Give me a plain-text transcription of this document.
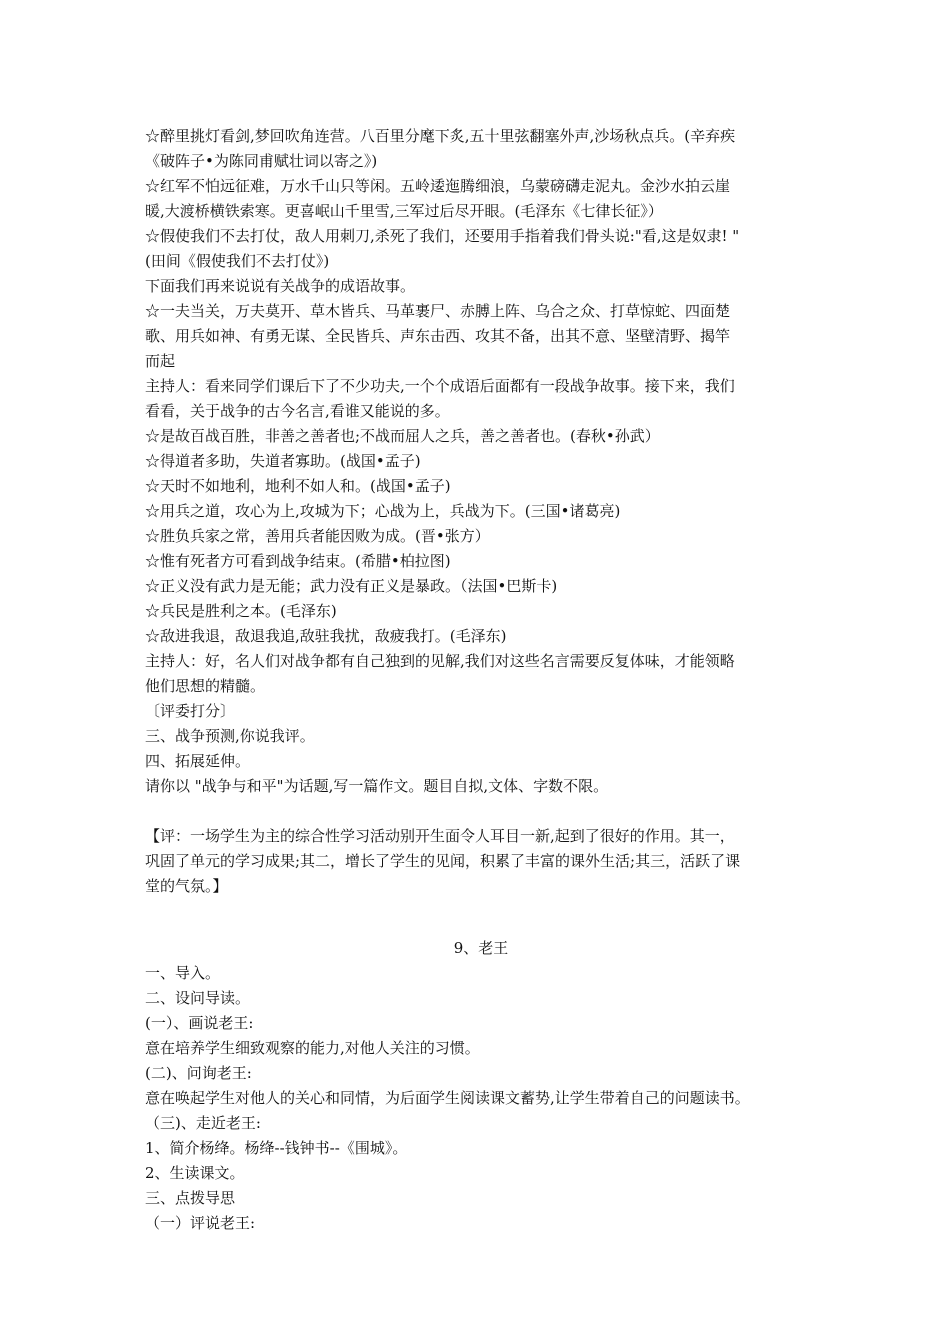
☆醉里挑灯看剑,梦回吹角连营。八百里分麾下炙,五十里弦翻塞外声,沙场秋点兵。(辛弃疾

《破阵子•为陈同甫赋壮词以寄之》)

☆红军不怕远征难，万水千山只等闲。五岭逶迤腾细浪，乌蒙磅礴走泥丸。金沙水拍云崖

暖,大渡桥横铁索寒。更喜岷山千里雪,三军过后尽开眼。(毛泽东《七律长征》）

☆假使我们不去打仗，敌人用刺刀,杀死了我们，还要用手指着我们骨头说:"看,这是奴隶! "

(田间《假使我们不去打仗》)

下面我们再来说说有关战争的成语故事。

☆一夫当关，万夫莫开、草木皆兵、马革裹尸、赤膊上阵、乌合之众、打草惊蛇、四面楚

歌、用兵如神、有勇无谋、全民皆兵、声东击西、攻其不备，出其不意、坚壁清野、揭竿

而起

主持人：看来同学们课后下了不少功夫,一个个成语后面都有一段战争故事。接下来，我们

看看，关于战争的古今名言,看谁又能说的多。

☆是故百战百胜，非善之善者也;不战而屈人之兵，善之善者也。(春秋•孙武）

☆得道者多助，失道者寡助。(战国•孟子)

☆天时不如地利，地利不如人和。(战国•孟子)

☆用兵之道，攻心为上,攻城为下；心战为上，兵战为下。(三国•诸葛亮)

☆胜负兵家之常，善用兵者能因败为成。(晋•张方）

☆惟有死者方可看到战争结束。(希腊•柏拉图)

☆正义没有武力是无能；武力没有正义是暴政。（法国•巴斯卡)

☆兵民是胜利之本。(毛泽东)

☆敌进我退，敌退我追,敌驻我扰，敌疲我打。(毛泽东)

主持人：好，名人们对战争都有自己独到的见解,我们对这些名言需要反复体味，才能领略

他们思想的精髓。

〔评委打分〕

三、战争预测,你说我评。

四、拓展延伸。

请你以 "战争与和平"为话题,写一篇作文。题目自拟,文体、字数不限。

【评：一场学生为主的综合性学习活动别开生面令人耳目一新,起到了很好的作用。其一，

巩固了单元的学习成果;其二，增长了学生的见闻，积累了丰富的课外生活;其三，活跃了课

堂的气氛。】

9、老王

一、导入。

二、设问导读。

(一）、画说老王:

意在培养学生细致观察的能力,对他人关注的习惯。

(二)、问询老王:

意在唤起学生对他人的关心和同情，为后面学生阅读课文蓄势,让学生带着自己的问题读书。

（三)、走近老王:

1、简介杨绛。杨绛--钱钟书--《围城》。

2、生读课文。

三、点拨导思

（一）评说老王:
